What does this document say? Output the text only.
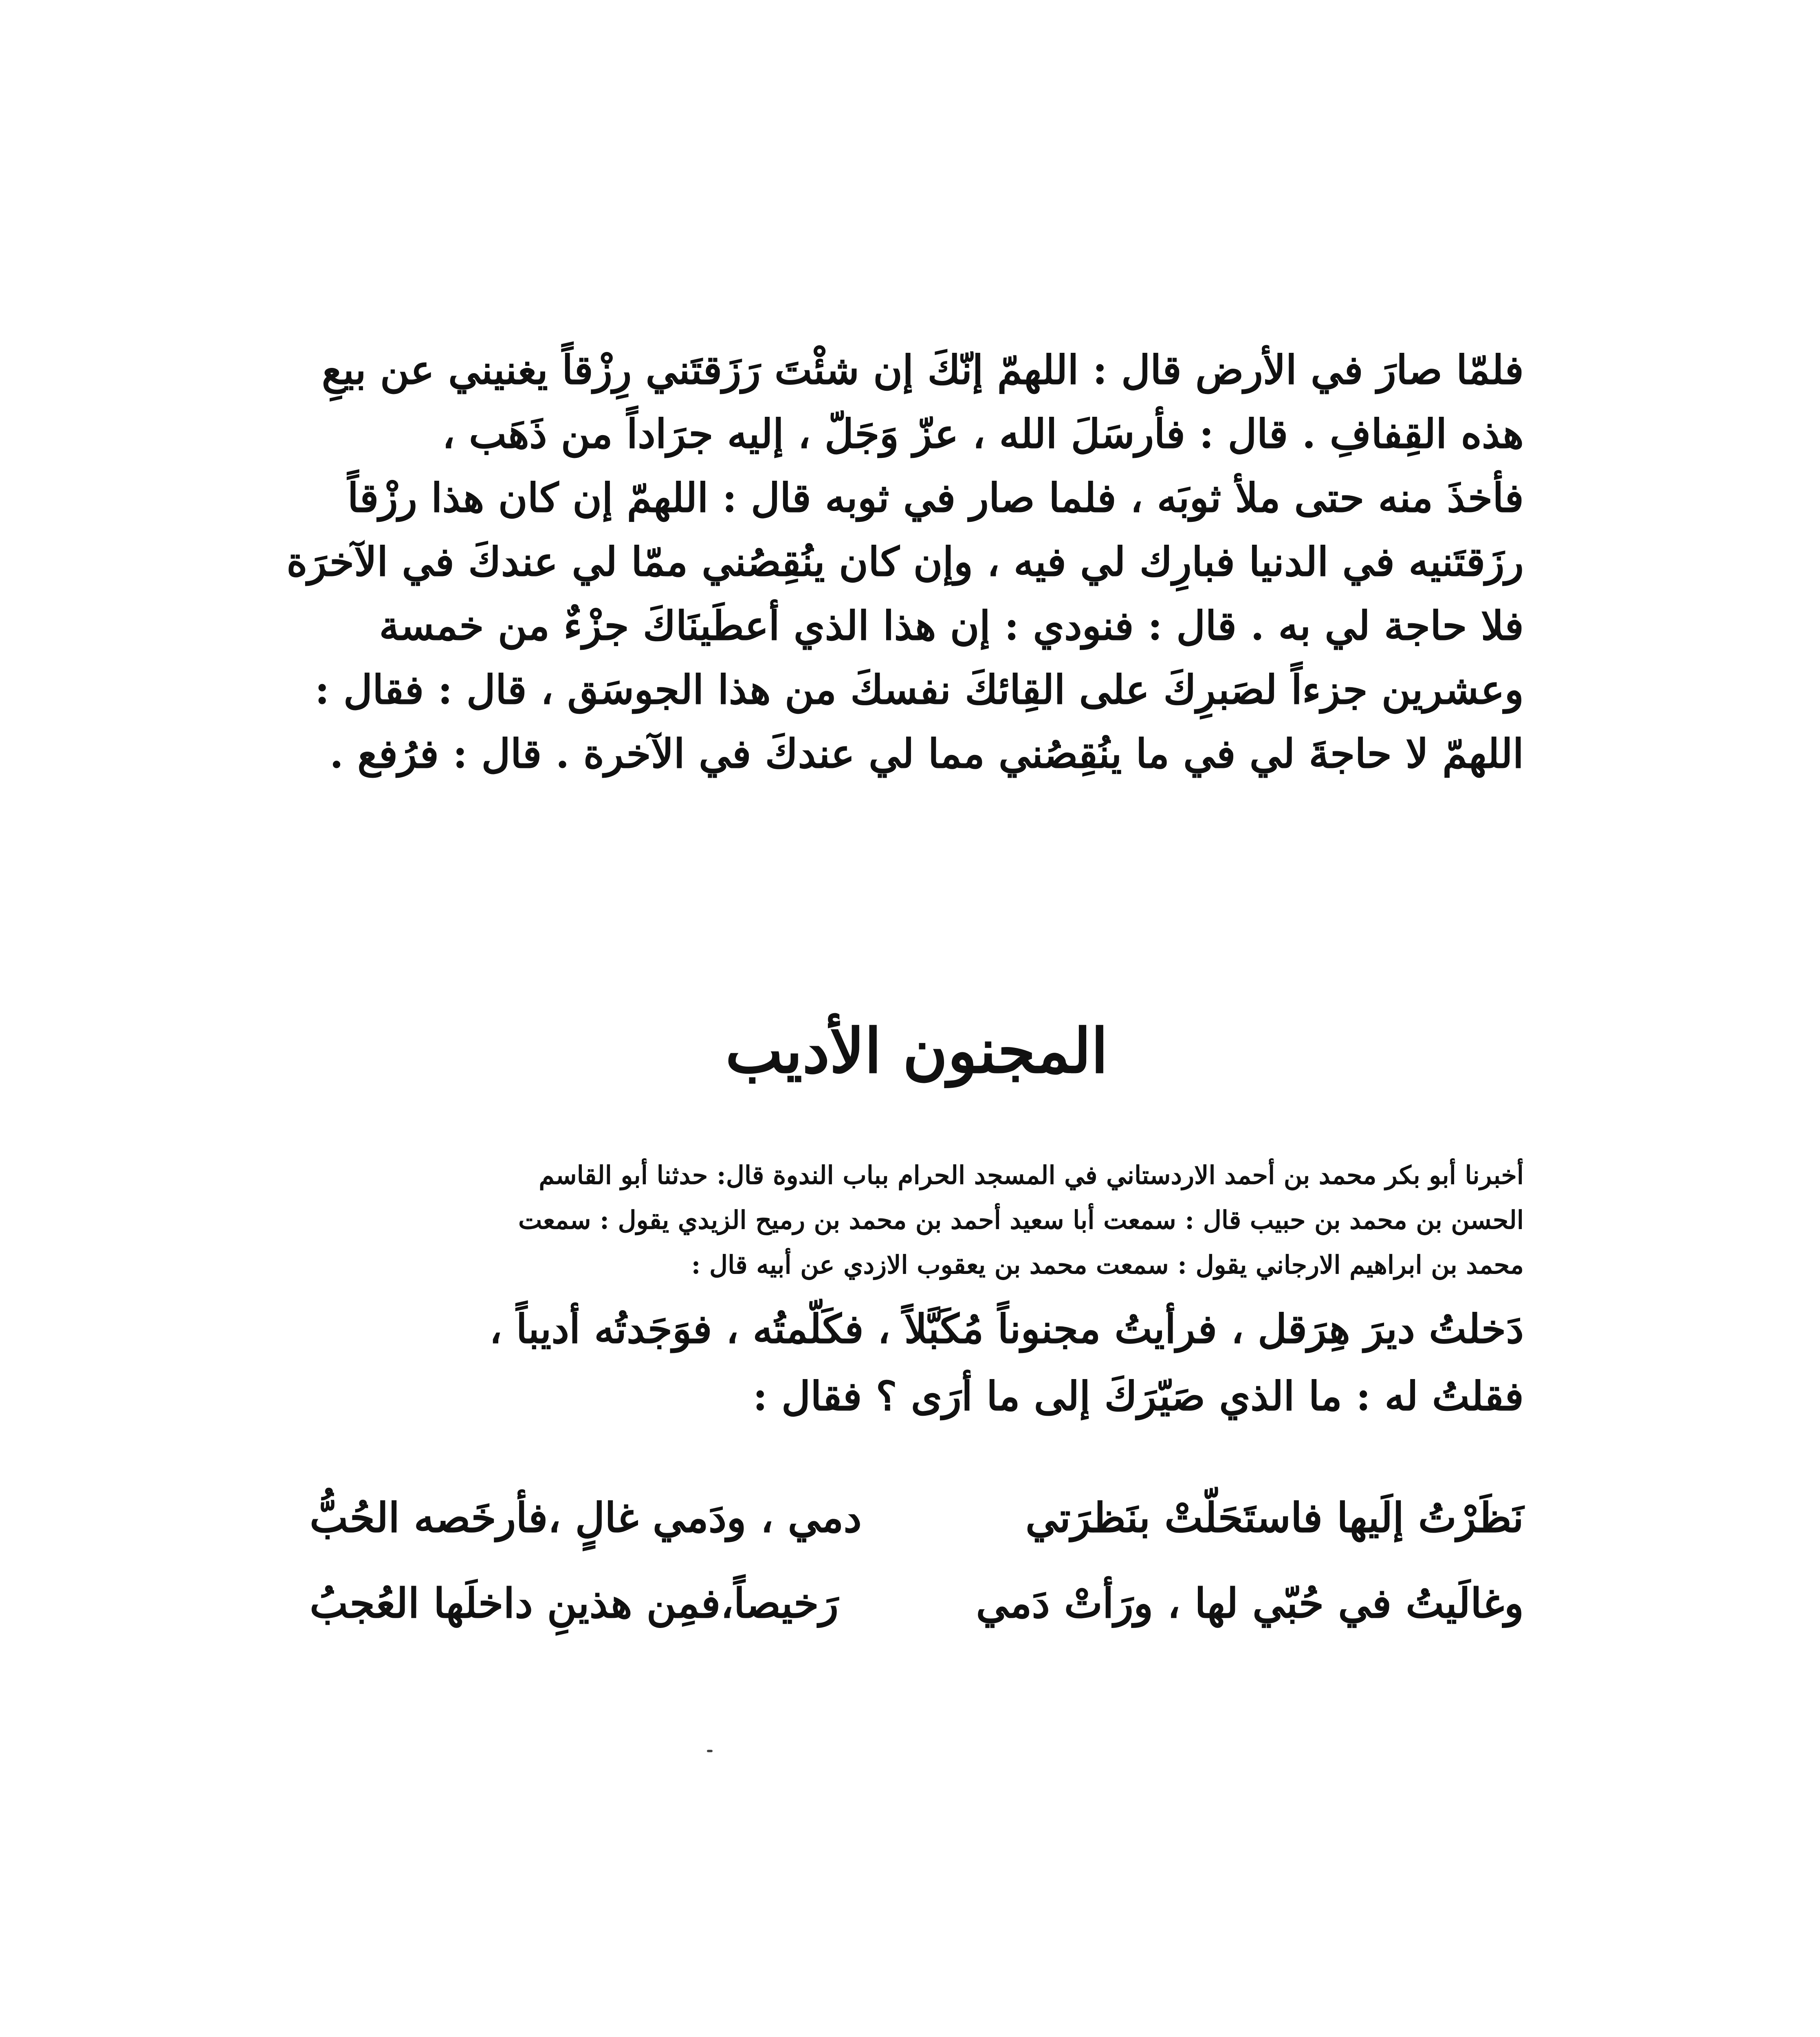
فلمّا صارَ في الأرض قال : اللهمّ إنّكَ إن شئْتَ رَزَقتَني رِزْقاً يغنيني عن بيعِ
هذه القِفافِ . قال : فأرسَلَ الله ، عزّ وَجَلّ ، إليه جرَاداً من ذَهَب ،
فأخذَ منه حتى ملأ ثوبَه ، فلما صار في ثوبه قال : اللهمّ إن كان هذا رزْقاً
رزَقتَنيه في الدنيا فبارِك لي فيه ، وإن كان ينُقِصُني ممّا لي عندكَ في الآخرَة
فلا حاجة لي به . قال : فنودي : إن هذا الذي أعطَينَاكَ جزْءٌ من خمسة
وعشرين جزءاً لصَبرِكَ على القِائكَ نفسكَ من هذا الجوسَق ، قال : فقال :
اللهمّ لا حاجةَ لي في ما ينُقِصُني مما لي عندكَ في الآخرة . قال : فرُفع .
المجنون الأديب
أخبرنا أبو بكر محمد بن أحمد الاردستاني في المسجد الحرام بباب الندوة قال: حدثنا أبو القاسم
الحسن بن محمد بن حبيب قال : سمعت أبا سعيد أحمد بن محمد بن رميح الزيدي يقول : سمعت
محمد بن ابراهيم الارجاني يقول : سمعت محمد بن يعقوب الازدي عن أبيه قال :
دَخلتُ ديرَ هِرَقل ، فرأيتُ مجنوناً مُكَبَّلاً ، فكَلّمتُه ، فوَجَدتُه أديباً ،
فقلتُ له : ما الذي صَيّرَكَ إلى ما أرَى ؟ فقال :
نَظَرْتُ إلَيها فاستَحَلّتْ بنَظرَتي
دمي ، ودَمي غالٍ ،فأرخَصه الحُبُّ
وغالَيتُ في حُبّي لها ، ورَأتْ دَمي
رَخيصاً،فمِن هذينِ داخلَها العُجبُ
